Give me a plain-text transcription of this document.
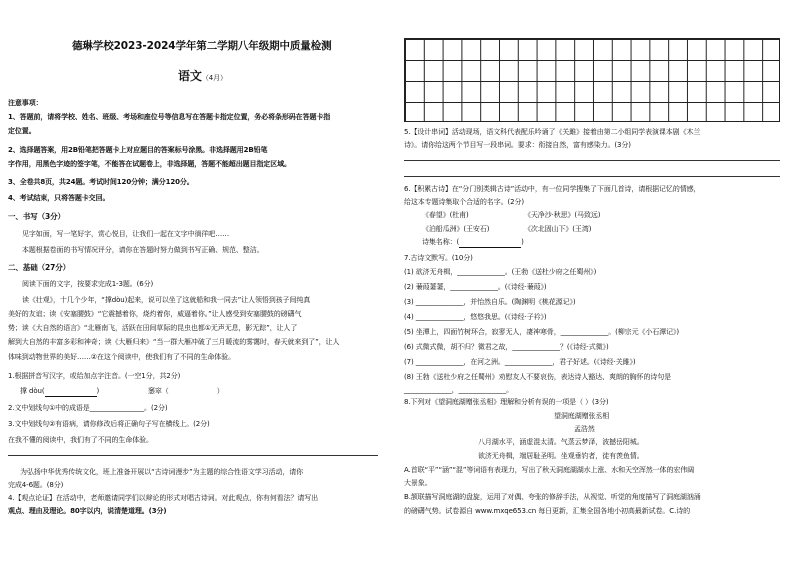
德琳学校2023-2024学年第二学期八年级期中质量检测
语文（4月）
注意事项：
1、答题前，请将学校、姓名、班级、考场和座位号等信息写在答题卡指定位置，务必将条形码在答题卡指
定位置。
2、选择题答案，用2B铅笔把答题卡上对应题目的答案标号涂黑。非选择题用2B铅笔
字作用，用黑色字迹的签字笔，不能答在试题卷上，非选择题，答题不能超出题目指定区域。
3、全卷共8页，共24题。考试时间120分钟；满分120分。
4、考试结束，只将答题卡交回。
一、书写（3分）
见字如面，写一笔好字，赏心悦目，让我们一起在文字中徜徉吧……
本题根据卷面的书写情况评分，请你在答题时努力做到书写正确、规范、整洁。
二、基础（27分）
阅读下面的文字，按要求完成1-3题。(6分)
读《壮观》，十几个少年，“撑dòu)起来，说可以坐了这就船和我一同去”让人领悟到孩子间纯真
美好的友谊；读《安塞腰鼓》“它震撼着你，烧灼着你，威逼着你。”让人感受到安塞腰鼓的磅礴气
势；读《大自然的语言》“北雁南飞，活跃在田间草际的昆虫也都①无声无息，影无踪”，让人了
解到大自然的丰富多彩和神奇；读《大雁归来》“当一群大雁冲破了三月暖流的雾霭时，春天就来到了”，让人
体味到动物世界的美好……②在这个阅读中，使我们有了不同的生命体验。
1.根据拼音写汉字，或给加点字注音。(一空1分，共2分)
撑 dòu(	)	窸窣（	）
2.文中划线句①中的成语是________________。(2分)
3.文中划线句②有语病，请你修改后将正确句子写在横线上。(2分)
在我不懂的阅读中，我们有了不同的生命体验。
为弘扬中华优秀传统文化，班上准备开展以“古诗词漫步”为主题的综合性语文学习活动，请你
完成4-6题。(8分)
4.【观点论证】在活动中，老师邀请同学们以辩论的形式对唱古诗词。对此观点，你有何看法？请写出
观点、理由及理论。80字以内，说清楚道理。(3分)
5.【设计串词】活动现场，语文科代表配乐吟诵了《关雎》接着由第二小组同学表演课本剧《木兰
诗》。请你给这两个节目写一段串词。要求：衔接自然，富有感染力。(3分)
6.【积累古诗】在“分门别类辑古诗”活动中，有一位同学搜集了下面几首诗，请根据记忆的情感，
给这本专题诗集取个合适的名字。(2分)
《春望》(杜甫)	《天净沙·秋思》(马致远)
《泊船瓜洲》(王安石)	《次北固山下》(王湾)
诗集名称：(	)
7.古诗文默写。(10分)
(1) 欲济无舟楫，______________。(王勃《送杜少府之任蜀州》)
(2) 蒹葭萋萋，______________。(《诗经·蒹葭》)
(3) ______________，并怡然自乐。(陶渊明《桃花源记》)
(4) ______________，悠悠我思。(《诗经·子衿》)
(5) 坐潭上，四面竹树环合，寂寥无人，凄神寒骨，______________。(柳宗元《小石潭记》)
(6) 式微式微，胡不归？微君之故，______________？(《诗经·式微》)
(7) ______________，在河之洲。______________，君子好逑。(《诗经·关雎》)
(8) 王勃《送杜少府之任蜀州》劝慰友人不要哀伤，表达诗人豁达、爽朗的胸怀的诗句是
______________，______________。
8.下列对《望洞庭湖赠张丞相》理解和分析有误的一项是（ ）(3分)
望洞庭湖赠张丞相
孟浩然
八月湖水平，涵虚混太清。气蒸云梦泽，波撼岳阳城。
欲济无舟楫，端居耻圣明。坐观垂钓者，徒有羡鱼情。
A.首联“平”“涵”“混”等词语有表现力，写出了秋天洞庭湖湖水上涨、水和天空浑然一体的宏伟阔
大景象。
B.颔联描写洞庭湖的盘旋，运用了对偶、夸张的修辞手法，从视觉、听觉的角度描写了洞庭湖汹涌
的磅礴气势。试卷源自 www.mxqe653.cn 每日更新，汇集全国各地小初高最新试卷。C.诗的
